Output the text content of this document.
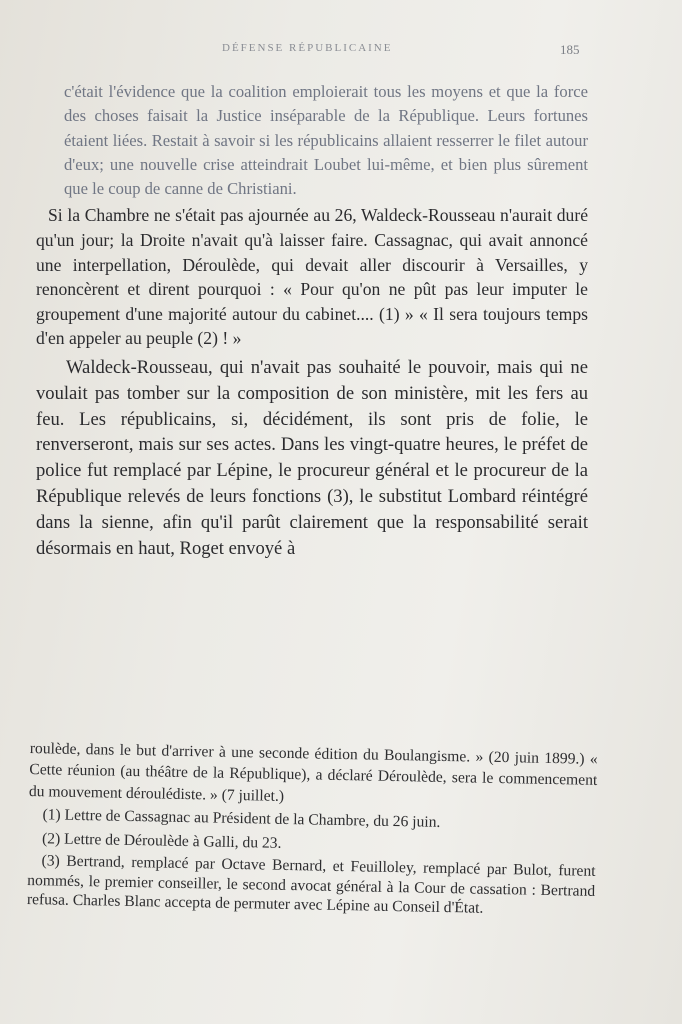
DÉFENSE RÉPUBLICAINE	185

c'était l'évidence que la coalition emploierait tous les moyens et que la force des choses faisait la Justice inséparable de la République. Leurs fortunes étaient liées. Restait à savoir si les républicains allaient resserrer le filet autour d'eux; une nouvelle crise atteindrait Loubet lui-même, et bien plus sûrement que le coup de canne de Christiani.

Si la Chambre ne s'était pas ajournée au 26, Waldeck-Rousseau n'aurait duré qu'un jour; la Droite n'avait qu'à laisser faire. Cassagnac, qui avait annoncé une interpellation, Déroulède, qui devait aller discourir à Versailles, y renoncèrent et dirent pourquoi : « Pour qu'on ne pût pas leur imputer le groupement d'une majorité autour du cabinet.... (1) » « Il sera toujours temps d'en appeler au peuple (2) ! »

Waldeck-Rousseau, qui n'avait pas souhaité le pouvoir, mais qui ne voulait pas tomber sur la composition de son ministère, mit les fers au feu. Les républicains, si, décidément, ils sont pris de folie, le renverseront, mais sur ses actes. Dans les vingt-quatre heures, le préfet de police fut remplacé par Lépine, le procureur général et le procureur de la République relevés de leurs fonctions (3), le substitut Lombard réintégré dans la sienne, afin qu'il parût clairement que la responsabilité serait désormais en haut, Roget envoyé à

roulède, dans le but d'arriver à une seconde édition du Boulangisme. » (20 juin 1899.) « Cette réunion (au théâtre de la République), a déclaré Déroulède, sera le commencement du mouvement déroulédiste. » (7 juillet.)

(1) Lettre de Cassagnac au Président de la Chambre, du 26 juin.

(2) Lettre de Déroulède à Galli, du 23.

(3) Bertrand, remplacé par Octave Bernard, et Feuilloley, remplacé par Bulot, furent nommés, le premier conseiller, le second avocat général à la Cour de cassation : Bertrand refusa. Charles Blanc accepta de permuter avec Lépine au Conseil d'État.
